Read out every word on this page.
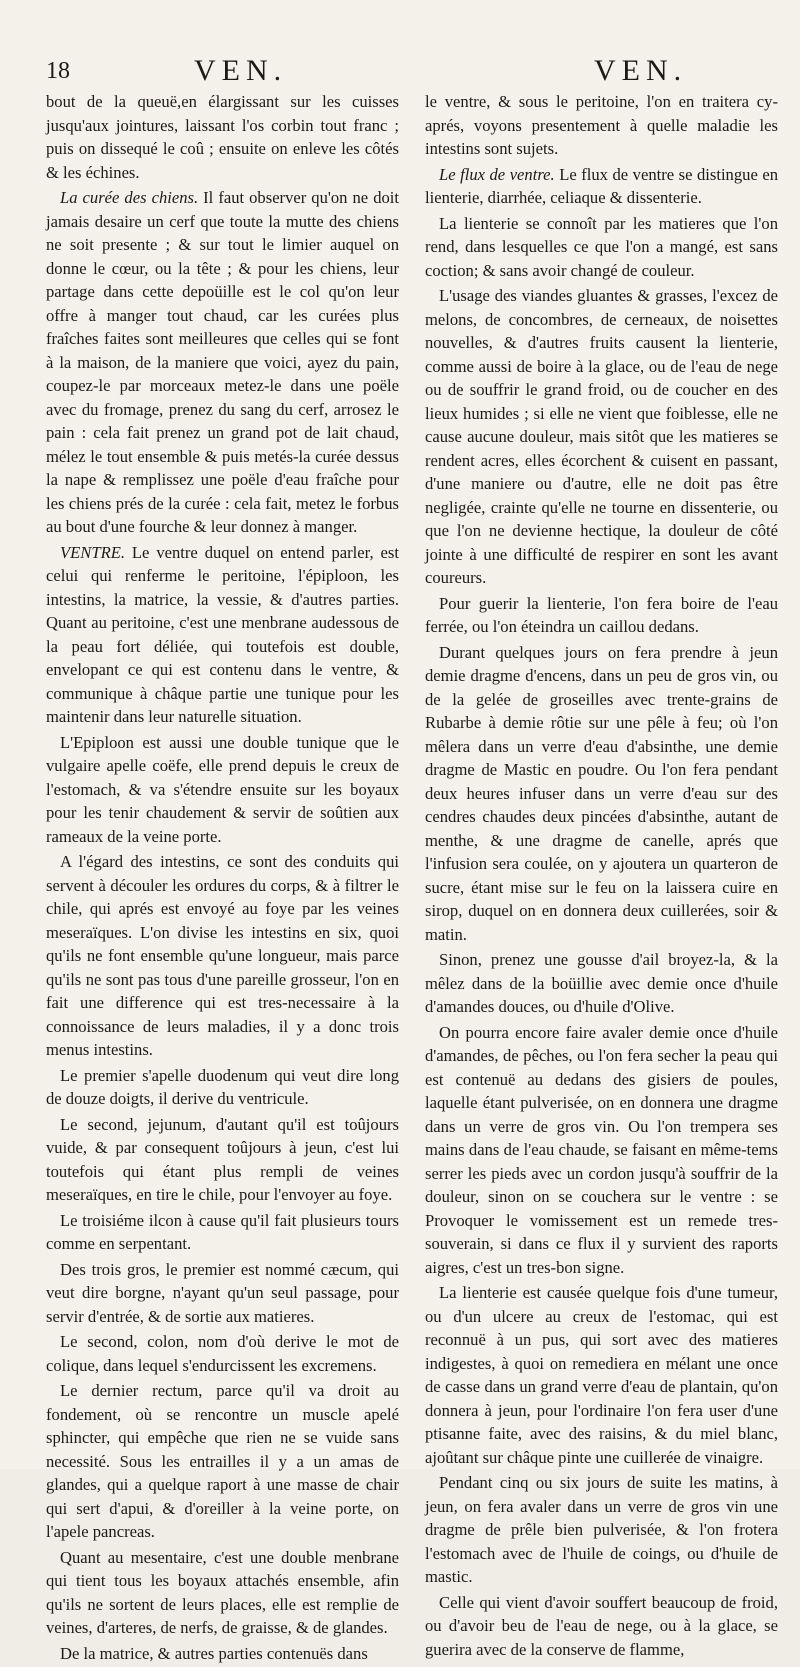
18	VEN.	VEN.

bout de la queuë,en élargissant sur les cuisses jusqu'aux jointures, laissant l'os corbin tout franc ; puis on dissequé le coû ; ensuite on enleve les côtés & les échines.

La curée des chiens. Il faut observer qu'on ne doit jamais desaire un cerf que toute la mutte des chiens ne soit presente ; & sur tout le limier auquel on donne le cœur, ou la tête ; & pour les chiens, leur partage dans cette depoüille est le col qu'on leur offre à manger tout chaud, car les curées plus fraîches faites sont meilleures que celles qui se font à la maison, de la maniere que voici, ayez du pain, coupez-le par morceaux metez-le dans une poële avec du fromage, prenez du sang du cerf, arrosez le pain : cela fait prenez un grand pot de lait chaud, mélez le tout ensemble & puis metés-la curée dessus la nape & remplissez une poële d'eau fraîche pour les chiens prés de la curée : cela fait, metez le forbus au bout d'une fourche & leur donnez à manger.

VENTRE. Le ventre duquel on entend parler, est celui qui renferme le peritoine, l'épiploon, les intestins, la matrice, la vessie, & d'autres parties. Quant au peritoine, c'est une menbrane audessous de la peau fort déliée, qui toutefois est double, envelopant ce qui est contenu dans le ventre, & communique à châque partie une tunique pour les maintenir dans leur naturelle situation.

L'Epiploon est aussi une double tunique que le vulgaire apelle coëfe, elle prend depuis le creux de l'estomach, & va s'étendre ensuite sur les boyaux pour les tenir chaudement & servir de soûtien aux rameaux de la veine porte.

A l'égard des intestins, ce sont des conduits qui servent à découler les ordures du corps, & à filtrer le chile, qui aprés est envoyé au foye par les veines meseraïques. L'on divise les intestins en six, quoi qu'ils ne font ensemble qu'une longueur, mais parce qu'ils ne sont pas tous d'une pareille grosseur, l'on en fait une difference qui est tres-necessaire à la connoissance de leurs maladies, il y a donc trois menus intestins.

Le premier s'apelle duodenum qui veut dire long de douze doigts, il derive du ventricule.

Le second, jejunum, d'autant qu'il est toûjours vuide, & par consequent toûjours à jeun, c'est lui toutefois qui étant plus rempli de veines meseraïques, en tire le chile, pour l'envoyer au foye.

Le troisiéme ilcon à cause qu'il fait plusieurs tours comme en serpentant.

Des trois gros, le premier est nommé cæcum, qui veut dire borgne, n'ayant qu'un seul passage, pour servir d'entrée, & de sortie aux matieres.

Le second, colon, nom d'où derive le mot de colique, dans lequel s'endurcissent les excremens.

Le dernier rectum, parce qu'il va droit au fondement, où se rencontre un muscle apelé sphincter, qui empêche que rien ne se vuide sans necessité. Sous les entrailles il y a un amas de glandes, qui a quelque raport à une masse de chair qui sert d'apui, & d'oreiller à la veine porte, on l'apele pancreas.

Quant au mesentaire, c'est une double menbrane qui tient tous les boyaux attachés ensemble, afin qu'ils ne sortent de leurs places, elle est remplie de veines, d'arteres, de nerfs, de graisse, & de glandes.

De la matrice, & autres parties contenuës dans

le ventre, & sous le peritoine, l'on en traitera cy-aprés, voyons presentement à quelle maladie les intestins sont sujets.

Le flux de ventre. Le flux de ventre se distingue en lienterie, diarrhée, celiaque & dissenterie.

La lienterie se connoît par les matieres que l'on rend, dans lesquelles ce que l'on a mangé, est sans coction; & sans avoir changé de couleur.

L'usage des viandes gluantes & grasses, l'excez de melons, de concombres, de cerneaux, de noisettes nouvelles, & d'autres fruits causent la lienterie, comme aussi de boire à la glace, ou de l'eau de nege ou de souffrir le grand froid, ou de coucher en des lieux humides ; si elle ne vient que foiblesse, elle ne cause aucune douleur, mais sitôt que les matieres se rendent acres, elles écorchent & cuisent en passant, d'une maniere ou d'autre, elle ne doit pas être negligée, crainte qu'elle ne tourne en dissenterie, ou que l'on ne devienne hectique, la douleur de côté jointe à une difficulté de respirer en sont les avant coureurs.

Pour guerir la lienterie, l'on fera boire de l'eau ferrée, ou l'on éteindra un caillou dedans.

Durant quelques jours on fera prendre à jeun demie dragme d'encens, dans un peu de gros vin, ou de la gelée de groseilles avec trente-grains de Rubarbe à demie rôtie sur une pêle à feu; où l'on mêlera dans un verre d'eau d'absinthe, une demie dragme de Mastic en poudre. Ou l'on fera pendant deux heures infuser dans un verre d'eau sur des cendres chaudes deux pincées d'absinthe, autant de menthe, & une dragme de canelle, aprés que l'infusion sera coulée, on y ajoutera un quarteron de sucre, étant mise sur le feu on la laissera cuire en sirop, duquel on en donnera deux cuillerées, soir & matin.

Sinon, prenez une gousse d'ail broyez-la, & la mêlez dans de la boüillie avec demie once d'huile d'amandes douces, ou d'huile d'Olive.

On pourra encore faire avaler demie once d'huile d'amandes, de pêches, ou l'on fera secher la peau qui est contenuë au dedans des gisiers de poules, laquelle étant pulverisée, on en donnera une dragme dans un verre de gros vin. Ou l'on trempera ses mains dans de l'eau chaude, se faisant en même-tems serrer les pieds avec un cordon jusqu'à souffrir de la douleur, sinon on se couchera sur le ventre : se Provoquer le vomissement est un remede tres-souverain, si dans ce flux il y survient des raports aigres, c'est un tres-bon signe.

La lienterie est causée quelque fois d'une tumeur, ou d'un ulcere au creux de l'estomac, qui est reconnuë à un pus, qui sort avec des matieres indigestes, à quoi on remediera en mélant une once de casse dans un grand verre d'eau de plantain, qu'on donnera à jeun, pour l'ordinaire l'on fera user d'une ptisanne faite, avec des raisins, & du miel blanc, ajoûtant sur châque pinte une cuillerée de vinaigre.

Pendant cinq ou six jours de suite les matins, à jeun, on fera avaler dans un verre de gros vin une dragme de prêle bien pulverisée, & l'on frotera l'estomach avec de l'huile de coings, ou d'huile de mastic.

Celle qui vient d'avoir souffert beaucoup de froid, ou d'avoir beu de l'eau de nege, ou à la glace, se guerira avec de la conserve de flamme,
